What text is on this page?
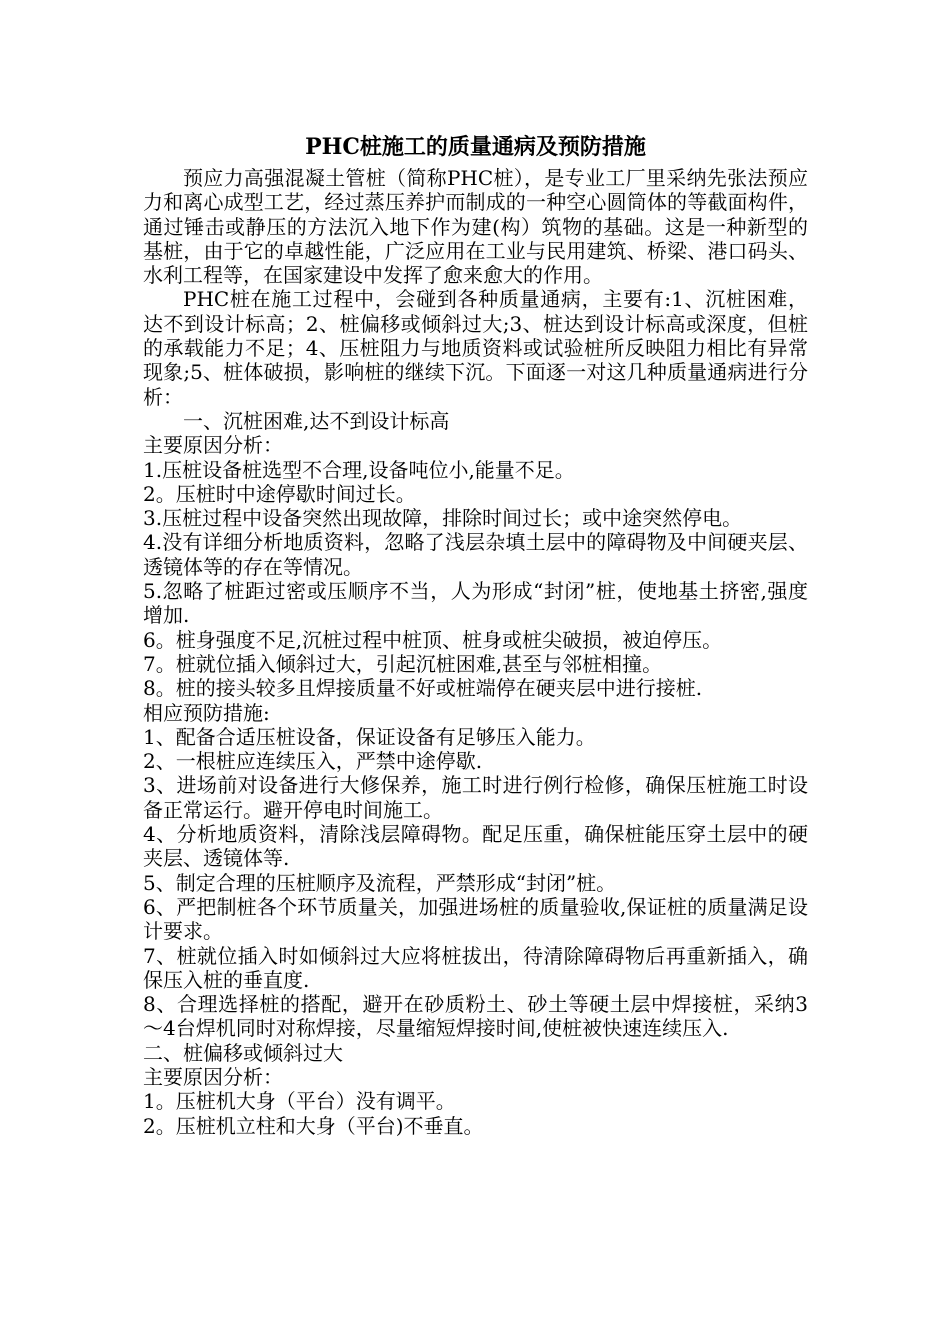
PHC桩施工的质量通病及预防措施

预应力高强混凝土管桩（简称PHC桩），是专业工厂里采纳先张法预应力和离心成型工艺，经过蒸压养护而制成的一种空心圆筒体的等截面构件，通过锤击或静压的方法沉入地下作为建(构）筑物的基础。这是一种新型的基桩，由于它的卓越性能，广泛应用在工业与民用建筑、桥梁、港口码头、水利工程等，在国家建设中发挥了愈来愈大的作用。

PHC桩在施工过程中，会碰到各种质量通病，主要有:1、沉桩困难，达不到设计标高；2、桩偏移或倾斜过大;3、桩达到设计标高或深度，但桩的承载能力不足；4、压桩阻力与地质资料或试验桩所反映阻力相比有异常现象;5、桩体破损，影响桩的继续下沉。下面逐一对这几种质量通病进行分析：

一、沉桩困难,达不到设计标高

主要原因分析：

1.压桩设备桩选型不合理,设备吨位小,能量不足。

2。压桩时中途停歇时间过长。

3.压桩过程中设备突然出现故障，排除时间过长；或中途突然停电。

4.没有详细分析地质资料，忽略了浅层杂填土层中的障碍物及中间硬夹层、透镜体等的存在等情况。

5.忽略了桩距过密或压顺序不当，人为形成“封闭”桩，使地基土挤密,强度增加.

6。桩身强度不足,沉桩过程中桩顶、桩身或桩尖破损，被迫停压。

7。桩就位插入倾斜过大，引起沉桩困难,甚至与邻桩相撞。

8。桩的接头较多且焊接质量不好或桩端停在硬夹层中进行接桩.

相应预防措施:

1、配备合适压桩设备，保证设备有足够压入能力。

2、一根桩应连续压入，严禁中途停歇.

3、进场前对设备进行大修保养，施工时进行例行检修，确保压桩施工时设备正常运行。避开停电时间施工。

4、分析地质资料，清除浅层障碍物。配足压重，确保桩能压穿土层中的硬夹层、透镜体等.

5、制定合理的压桩顺序及流程，严禁形成“封闭”桩。

6、严把制桩各个环节质量关，加强进场桩的质量验收,保证桩的质量满足设计要求。

7、桩就位插入时如倾斜过大应将桩拔出，待清除障碍物后再重新插入，确保压入桩的垂直度.

8、合理选择桩的搭配，避开在砂质粉土、砂土等硬土层中焊接桩，采纳3～4台焊机同时对称焊接，尽量缩短焊接时间,使桩被快速连续压入.

二、桩偏移或倾斜过大

主要原因分析：

1。压桩机大身（平台）没有调平。

2。压桩机立柱和大身（平台)不垂直。
